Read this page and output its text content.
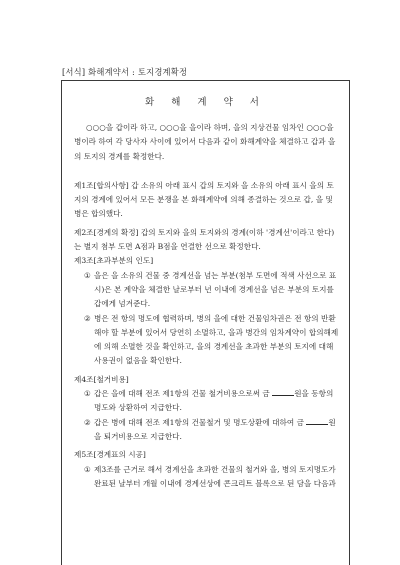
[서식] 화해계약서 : 토지경계확정
화 해 계 약 서

○○○을 갑이라 하고, ○○○을 을이라 하며, 을의 지상건물 임차인 ○○○을 병이라 하여 각 당사자 사이에 있어서 다음과 같이 화해계약을 체결하고 갑과 을의 토지의 경계를 확정한다.

제1조[합의사항] 갑 소유의 아래 표시 갑의 토지와 을 소유의 아래 표시 을의 토지의 경계에 있어서 모든 분쟁을 본 화해계약에 의해 종결하는 것으로 갑, 을 및 병은 합의했다.

제2조[경계의 확정] 갑의 토지와 을의 토지와의 경계(이하 '경계선'이라고 한다)는 별지 첨부 도면 A점과 B점을 연결한 선으로 확정한다.

제3조[초과부분의 인도]

① 을은 을 소유의 건물 중 경계선을 넘는 부분(첨부 도면에 적색 사선으로 표시)은 본 계약을 체결한 날로부터 년 이내에 경계선을 넘은 부분의 토지를 갑에게 넘겨준다.

② 병은 전 항의 명도에 협력하며, 병의 을에 대한 건물임차권은 전 항의 반환해야 할 부분에 있어서 당연히 소멸하고, 을과 병간의 임차계약이 합의해제에 의해 소멸한 것을 확인하고, 을의 경계선을 초과한 부분의 토지에 대해 사용권이 없음을 확인한다.

제4조[철거비용]

① 갑은 을에 대해 전조 제1항의 건물 철거비용으로써 금	원을 동항의 명도와 상환하여 지급한다.

② 갑은 병에 대해 전조 제1항의 건물철거 및 명도상환에 대하여 금	원을 퇴거비용으로 지급한다.

제5조[경계표의 시공]

① 제3조를 근거로 해서 경계선을 초과한 건물의 철거와 을, 병의 토지명도가 완료된 날부터 개월 이내에 경계선상에 콘크리트 블록으로 된 담을 다음과
